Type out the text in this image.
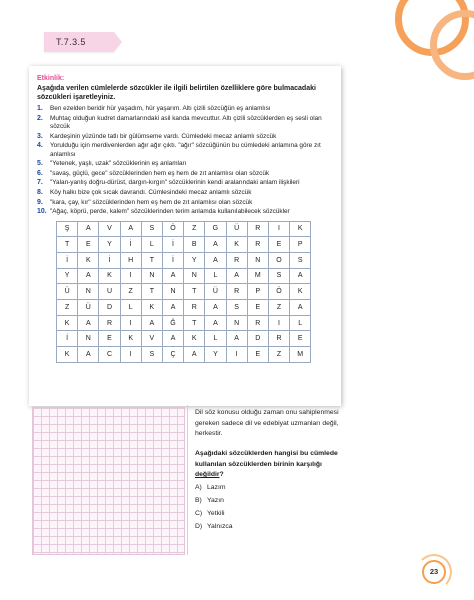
T.7.3.5
Etkinlik:
Aşağıda verilen cümlelerde sözcükler ile ilgili belirtilen özelliklere göre bulmacadaki sözcükleri işaretleyiniz.
1.	Ben ezelden beridir hür yaşadım, hür yaşarım. Altı çizili sözcüğün eş anlamlısı
2.	Muhtaç olduğun kudret damarlarındaki asil kanda mevcuttur. Altı çizili sözcüklerden eş sesli olan sözcük
3.	Kardeşinin yüzünde tatlı bir gülümseme vardı. Cümledeki mecaz anlamlı sözcük
4.	Yorulduğu için merdivenlerden ağır ağır çıktı. "ağır" sözcüğünün bu cümledeki anlamına göre zıt anlamlısı
5.	"Yetenek, yaşlı, uzak" sözcüklerinin eş anlamları
6.	"savaş, güçlü, gece" sözcüklerinden hem eş hem de zıt anlamlısı olan sözcük
7.	"Yalan-yanlış doğru-dürüst, dargın-kırgın" sözcüklerinin kendi aralarındaki anlam ilişkileri
8.	Köy halkı bize çok sıcak davrandı. Cümlesindeki mecaz anlamlı sözcük
9.	"kara, çay, kır" sözcüklerinden hem eş hem de zıt anlamlısı olan sözcük
10. "Ağaç, köprü, perde, kalem" sözcüklerinden terim anlamda kullanılabilecek sözcükler
Ş	A	V	A	S	Ö	Z	G	Ü	R	I	K
T	E	Y	İ	L	İ	B	A	K	R	E	P
İ	K	İ	H	T	İ	Y	A	R	N	O	S
Y	A	K	I	N	A	N	L	A	M	S	A
Ü	N	U	Z	T	N	T	Ü	R	P	Ö	K
Z	Ü	D	L	K	A	R	A	S	E	Z	A
K	A	R	I	A	Ğ	T	A	N	R	I	L
İ	N	E	K	V	A	K	L	A	D	R	E
K	A	C	I	S	Ç	A	Y	I	E	Z	M
Dil söz konusu olduğu zaman onu sahiplenmesi gereken sadece dil ve edebiyat uzmanları değil, herkestir.
Aşağıdaki sözcüklerden hangisi bu cümlede kullanılan sözcüklerden birinin karşılığı değildir?
A) Lazım
B) Yazın
C) Yetkili
D) Yalnızca
23
